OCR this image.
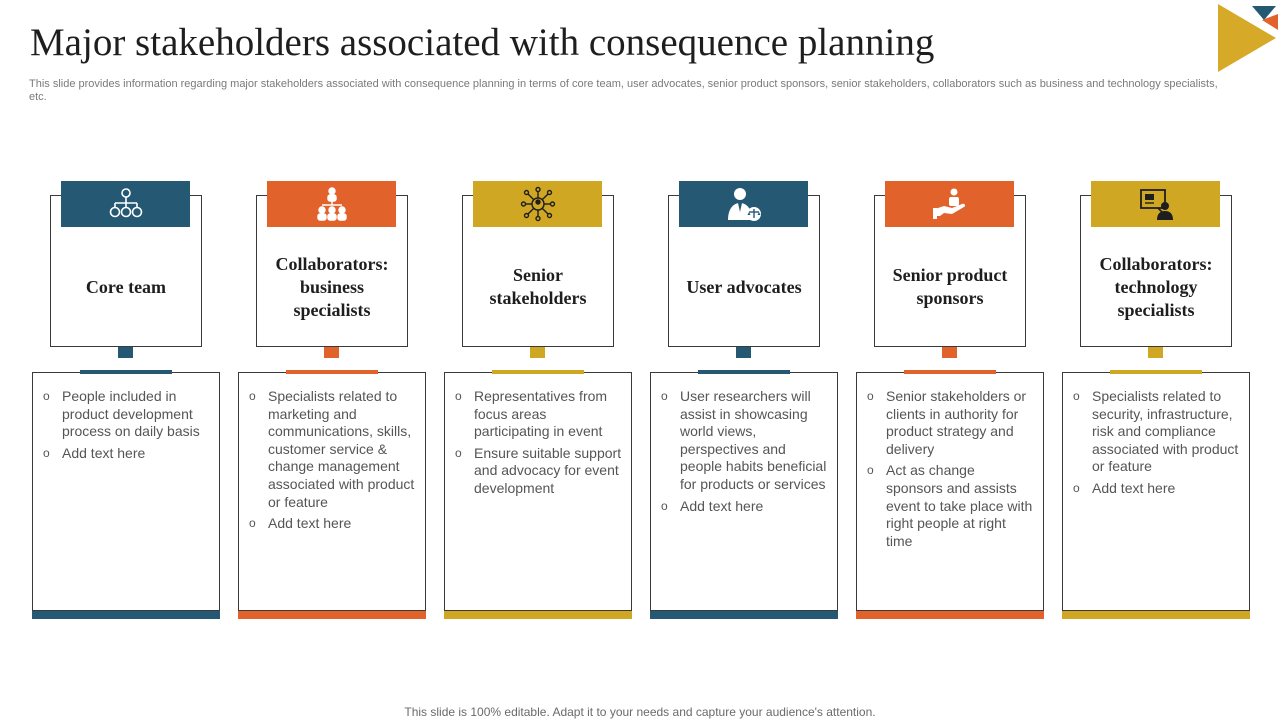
Major stakeholders associated with consequence planning
This slide provides information regarding major stakeholders associated with consequence planning in terms of core team, user advocates, senior product sponsors, senior stakeholders, collaborators such as business and technology specialists, etc.
Core team
o People included in product development process on daily basis
o Add text here
Collaborators: business specialists
o Specialists related to marketing and communications, skills, customer service & change management associated with product or feature
o Add text here
Senior stakeholders
o Representatives from focus areas participating in event
o Ensure suitable support and advocacy for event development
User advocates
o User researchers will assist in showcasing world views, perspectives and people habits beneficial for products or services
o Add text here
Senior product sponsors
o Senior stakeholders or clients in authority for product strategy and delivery
o Act as change sponsors and assists event to take place with right people at right time
Collaborators: technology specialists
o Specialists related to security, infrastructure, risk and compliance associated with product or feature
o Add text here
This slide is 100% editable. Adapt it to your needs and capture your audience's attention.
